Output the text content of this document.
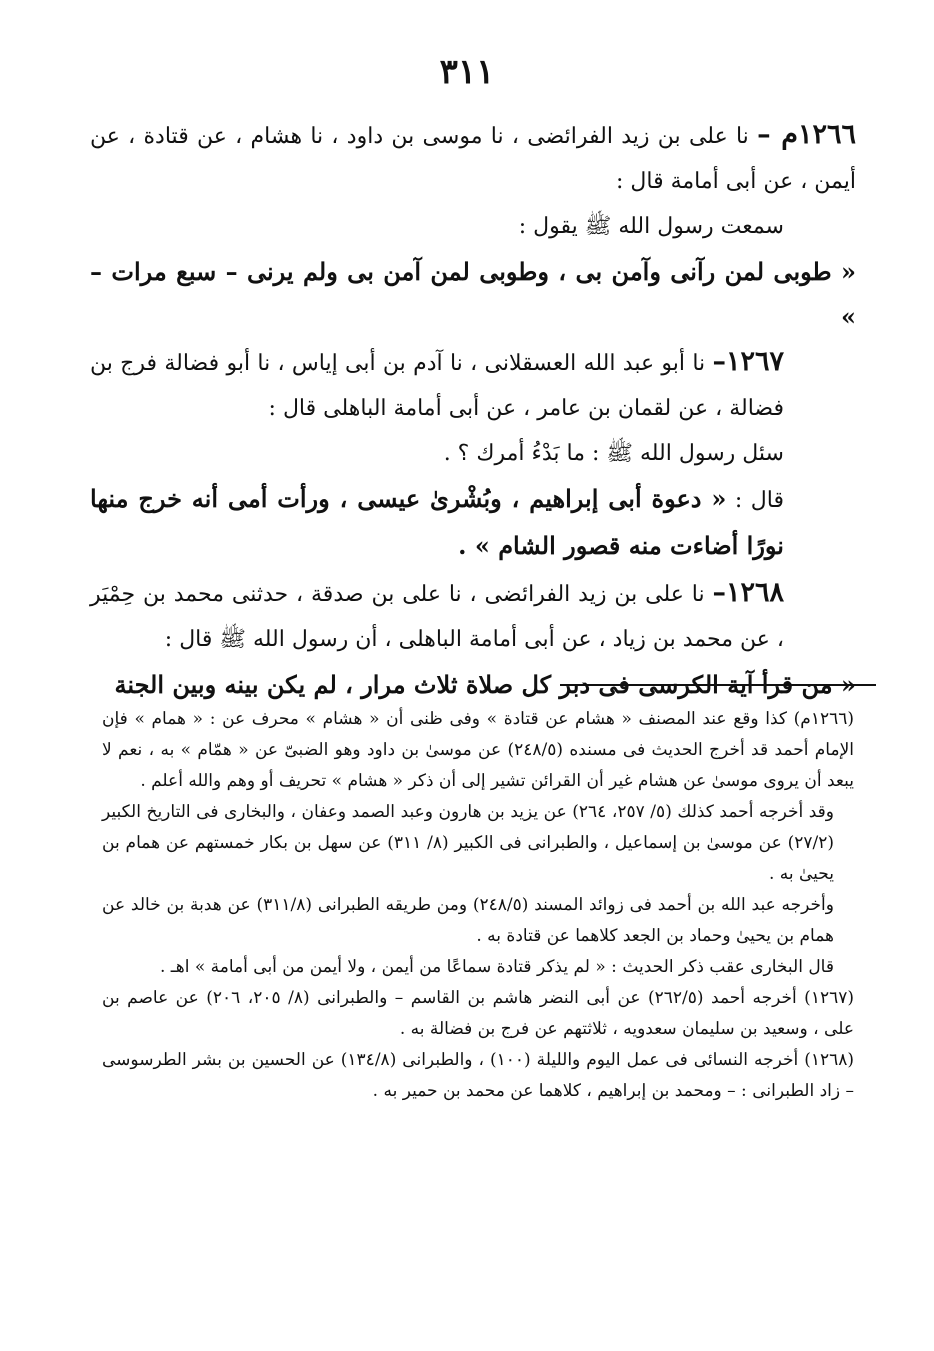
٣١١

١٢٦٦م – نا على بن زيد الفرائضى ، نا موسى بن داود ، نا هشام ، عن قتادة ، عن أيمن ، عن أبى أمامة قال :

سمعت رسول الله ﷺ يقول :

« طوبى لمن رآنى وآمن بى ، وطوبى لمن آمن بى ولم يرنى – سبع مرات – »

١٢٦٧– نا أبو عبد الله العسقلانى ، نا آدم بن أبى إياس ، نا أبو فضالة فرج بن فضالة ، عن لقمان بن عامر ، عن أبى أمامة الباهلى قال :

سئل رسول الله ﷺ : ما بَدْءُ أمرك ؟ .

قال : « دعوة أبى إبراهيم ، وبُشْرىٰ عيسى ، ورأت أمى أنه خرج منها نورًا أضاءت منه قصور الشام » .

١٢٦٨– نا على بن زيد الفرائضى ، نا على بن صدقة ، حدثنى محمد بن حِمْيَر ، عن محمد بن زياد ، عن أبى أمامة الباهلى ، أن رسول الله ﷺ قال :

« من قرأ آية الكرسى فى دبر كل صلاة ثلاث مرار ، لم يكن بينه وبين الجنة

(١٢٦٦م) كذا وقع عند المصنف « هشام عن قتادة » وفى ظنى أن « هشام » محرف عن : « همام » فإن الإمام أحمد قد أخرج الحديث فى مسنده (٢٤٨/٥) عن موسىٰ بن داود وهو الضبىّ عن « همّام » به ، نعم لا يبعد أن يروى موسىٰ عن هشام غير أن القرائن تشير إلى أن ذكر « هشام » تحريف أو وهم والله أعلم .

وقد أخرجه أحمد كذلك (٥/ ٢٥٧، ٢٦٤) عن يزيد بن هارون وعبد الصمد وعفان ، والبخارى فى التاريخ الكبير (٢٧/٢) عن موسىٰ بن إسماعيل ، والطبرانى فى الكبير (٨/ ٣١١) عن سهل بن بكار خمستهم عن همام بن يحيىٰ به .

وأخرجه عبد الله بن أحمد فى زوائد المسند (٢٤٨/٥) ومن طريقه الطبرانى (٣١١/٨) عن هدبة بن خالد عن همام بن يحيىٰ وحماد بن الجعد كلاهما عن قتادة به .

قال البخارى عقب ذكر الحديث : « لم يذكر قتادة سماعًا من أيمن ، ولا أيمن من أبى أمامة » اهـ .

(١٢٦٧) أخرجه أحمد (٢٦٢/٥) عن أبى النضر هاشم بن القاسم – والطبرانى (٨/ ٢٠٥، ٢٠٦) عن عاصم بن على ، وسعيد بن سليمان سعدويه ، ثلاثتهم عن فرج بن فضالة به .

(١٢٦٨) أخرجه النسائى فى عمل اليوم والليلة (١٠٠) ، والطبرانى (١٣٤/٨) عن الحسين بن بشر الطرسوسى – زاد الطبرانى : – ومحمد بن إبراهيم ، كلاهما عن محمد بن حمير به .
